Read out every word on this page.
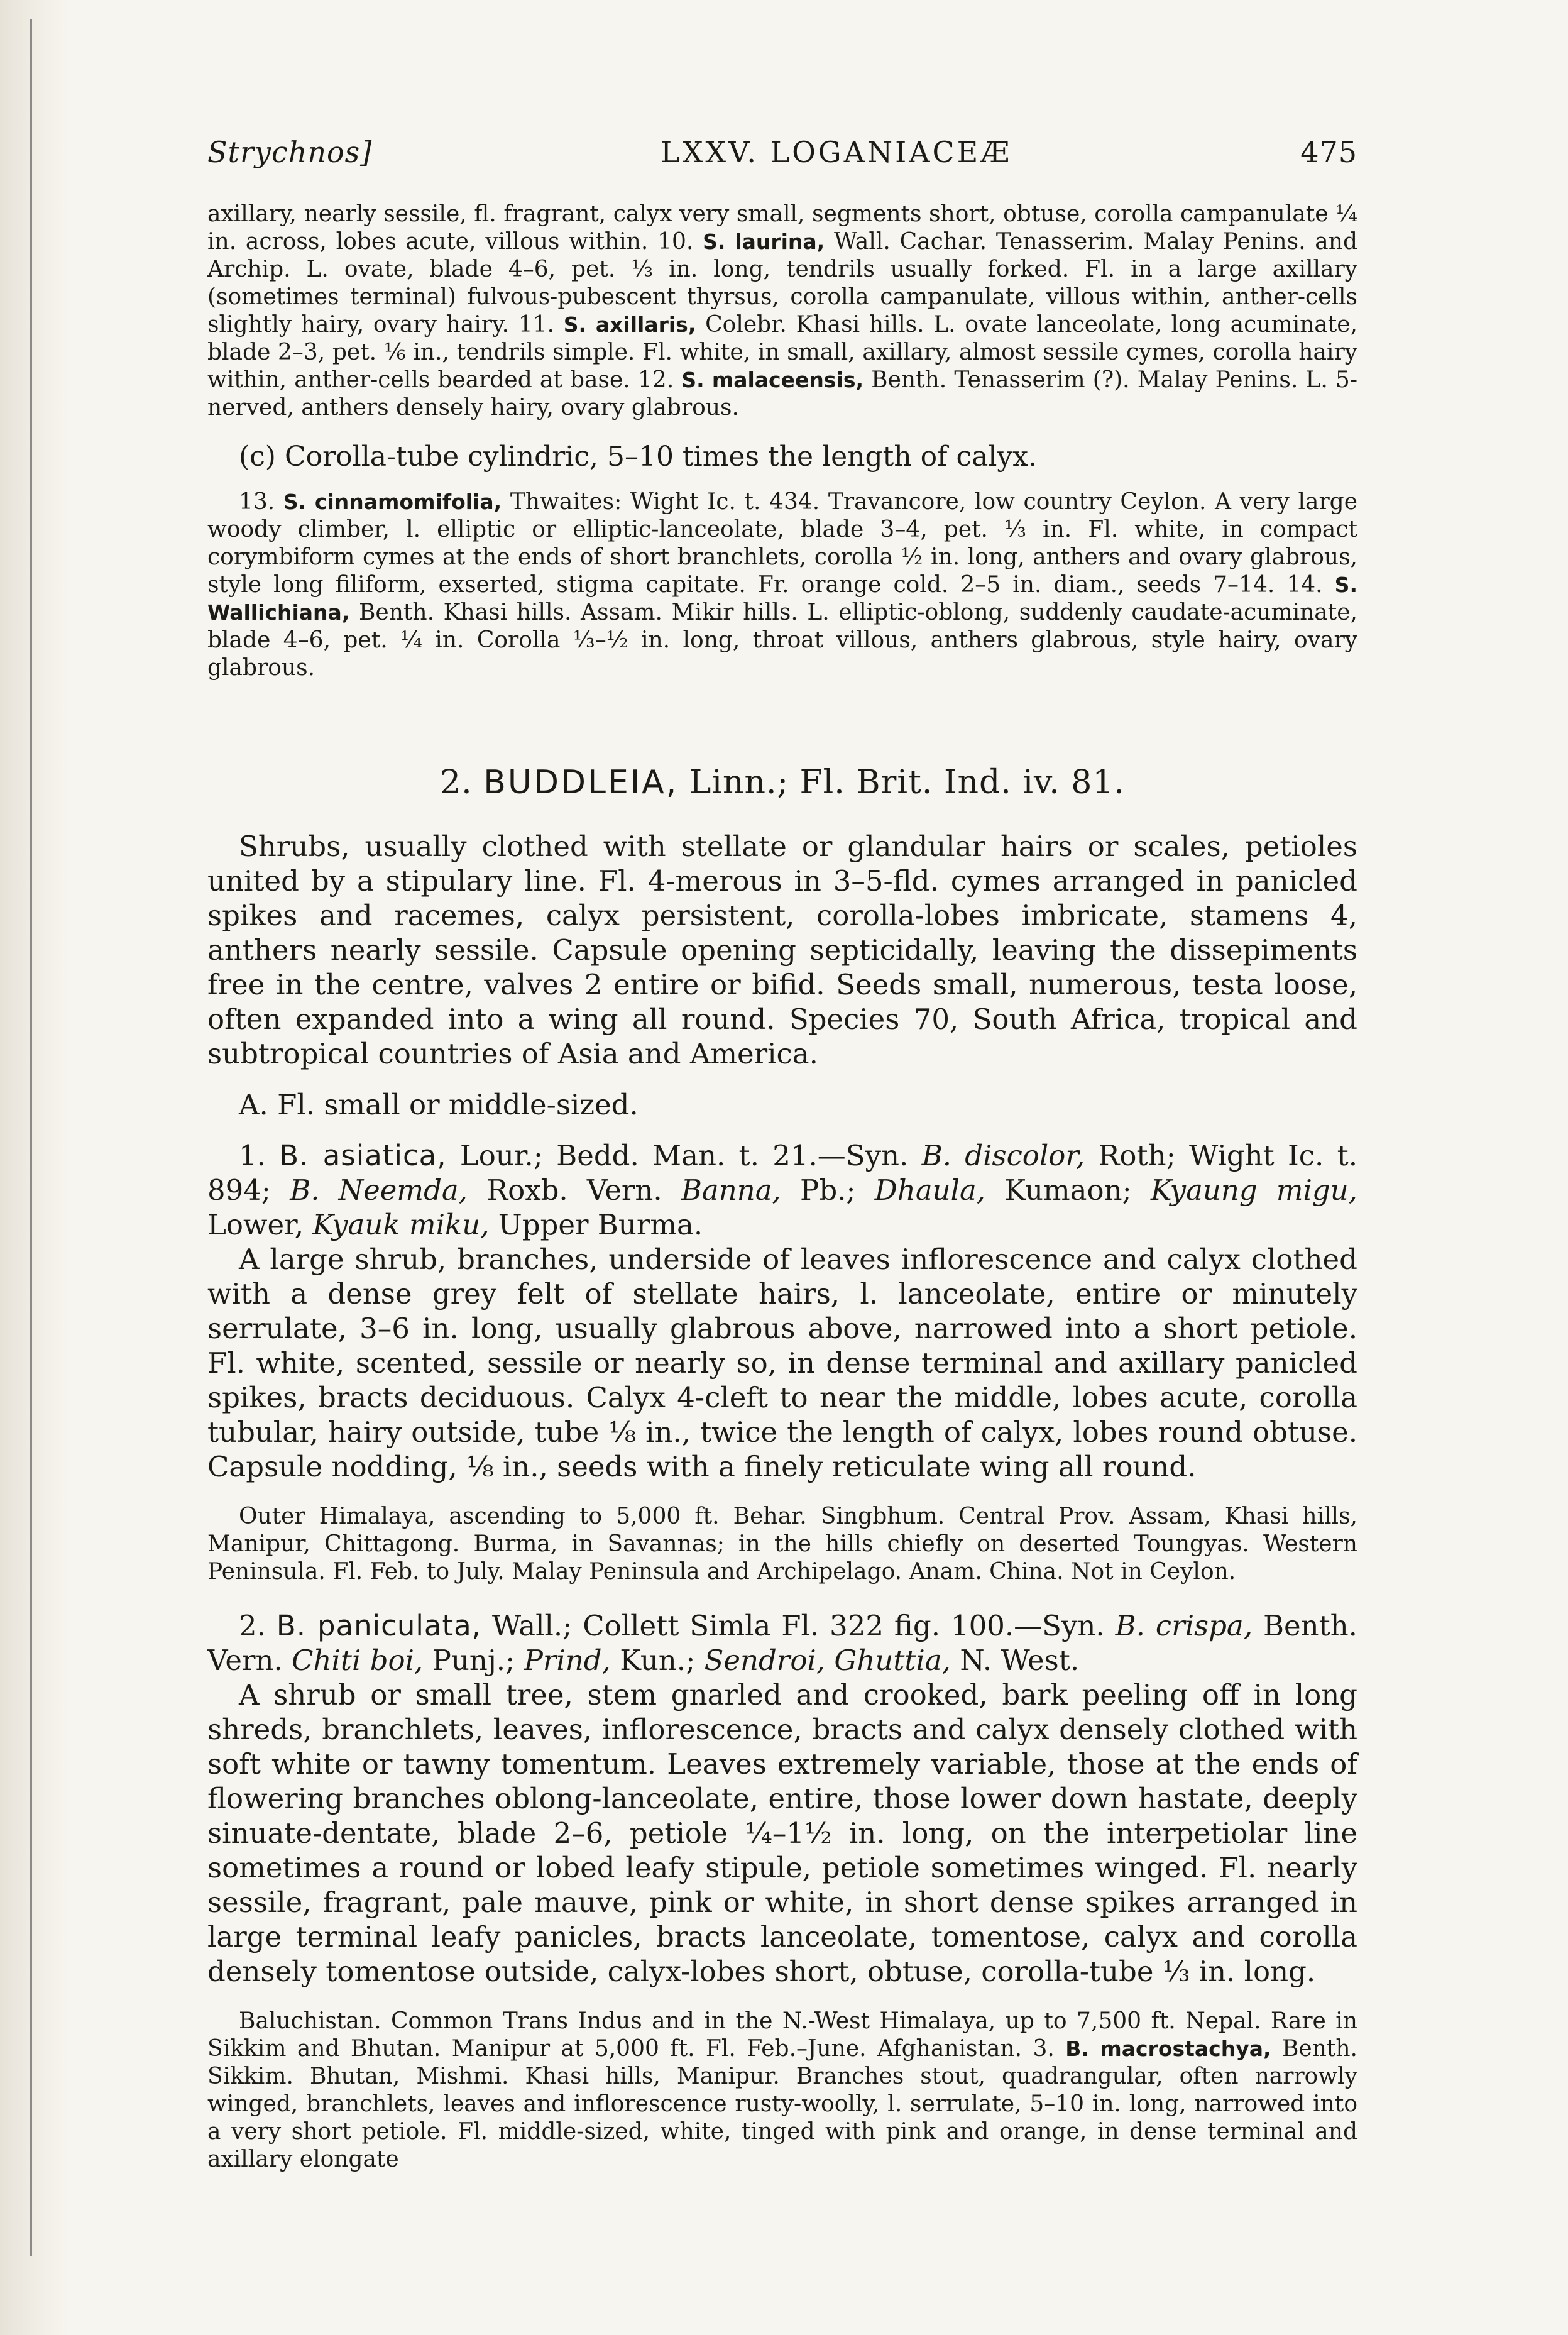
Strychnos]	LXXV. LOGANIACEÆ	475

axillary, nearly sessile, fl. fragrant, calyx very small, segments short, obtuse, corolla campanulate ¼ in. across, lobes acute, villous within. 10. S. laurina, Wall. Cachar. Tenasserim. Malay Penins. and Archip. L. ovate, blade 4–6, pet. ⅓ in. long, tendrils usually forked. Fl. in a large axillary (sometimes terminal) fulvous-pubescent thyrsus, corolla campanulate, villous within, anther-cells slightly hairy, ovary hairy. 11. S. axillaris, Colebr. Khasi hills. L. ovate lanceolate, long acuminate, blade 2–3, pet. ⅙ in., tendrils simple. Fl. white, in small, axillary, almost sessile cymes, corolla hairy within, anther-cells bearded at base. 12. S. malaceensis, Benth. Tenasserim (?). Malay Penins. L. 5-nerved, anthers densely hairy, ovary glabrous.

(c) Corolla-tube cylindric, 5–10 times the length of calyx.

13. S. cinnamomifolia, Thwaites: Wight Ic. t. 434. Travancore, low country Ceylon. A very large woody climber, l. elliptic or elliptic-lanceolate, blade 3–4, pet. ⅓ in. Fl. white, in compact corymbiform cymes at the ends of short branchlets, corolla ½ in. long, anthers and ovary glabrous, style long filiform, exserted, stigma capitate. Fr. orange cold. 2–5 in. diam., seeds 7–14. 14. S. Wallichiana, Benth. Khasi hills. Assam. Mikir hills. L. elliptic-oblong, suddenly caudate-acuminate, blade 4–6, pet. ¼ in. Corolla ⅓–½ in. long, throat villous, anthers glabrous, style hairy, ovary glabrous.

2. BUDDLEIA, Linn.; Fl. Brit. Ind. iv. 81.

Shrubs, usually clothed with stellate or glandular hairs or scales, petioles united by a stipulary line. Fl. 4-merous in 3–5-fld. cymes arranged in panicled spikes and racemes, calyx persistent, corolla-lobes imbricate, stamens 4, anthers nearly sessile. Capsule opening septicidally, leaving the dissepiments free in the centre, valves 2 entire or bifid. Seeds small, numerous, testa loose, often expanded into a wing all round. Species 70, South Africa, tropical and subtropical countries of Asia and America.

A. Fl. small or middle-sized.

1. B. asiatica, Lour.; Bedd. Man. t. 21.—Syn. B. discolor, Roth; Wight Ic. t. 894; B. Neemda, Roxb. Vern. Banna, Pb.; Dhaula, Kumaon; Kyaung migu, Lower, Kyauk miku, Upper Burma.

A large shrub, branches, underside of leaves inflorescence and calyx clothed with a dense grey felt of stellate hairs, l. lanceolate, entire or minutely serrulate, 3–6 in. long, usually glabrous above, narrowed into a short petiole. Fl. white, scented, sessile or nearly so, in dense terminal and axillary panicled spikes, bracts deciduous. Calyx 4-cleft to near the middle, lobes acute, corolla tubular, hairy outside, tube ⅛ in., twice the length of calyx, lobes round obtuse. Capsule nodding, ⅛ in., seeds with a finely reticulate wing all round.

Outer Himalaya, ascending to 5,000 ft. Behar. Singbhum. Central Prov. Assam, Khasi hills, Manipur, Chittagong. Burma, in Savannas; in the hills chiefly on deserted Toungyas. Western Peninsula. Fl. Feb. to July. Malay Peninsula and Archipelago. Anam. China. Not in Ceylon.

2. B. paniculata, Wall.; Collett Simla Fl. 322 fig. 100.—Syn. B. crispa, Benth. Vern. Chiti boi, Punj.; Prind, Kun.; Sendroi, Ghuttia, N. West.

A shrub or small tree, stem gnarled and crooked, bark peeling off in long shreds, branchlets, leaves, inflorescence, bracts and calyx densely clothed with soft white or tawny tomentum. Leaves extremely variable, those at the ends of flowering branches oblong-lanceolate, entire, those lower down hastate, deeply sinuate-dentate, blade 2–6, petiole ¼–1½ in. long, on the interpetiolar line sometimes a round or lobed leafy stipule, petiole sometimes winged. Fl. nearly sessile, fragrant, pale mauve, pink or white, in short dense spikes arranged in large terminal leafy panicles, bracts lanceolate, tomentose, calyx and corolla densely tomentose outside, calyx-lobes short, obtuse, corolla-tube ⅓ in. long.

Baluchistan. Common Trans Indus and in the N.-West Himalaya, up to 7,500 ft. Nepal. Rare in Sikkim and Bhutan. Manipur at 5,000 ft. Fl. Feb.–June. Afghanistan. 3. B. macrostachya, Benth. Sikkim. Bhutan, Mishmi. Khasi hills, Manipur. Branches stout, quadrangular, often narrowly winged, branchlets, leaves and inflorescence rusty-woolly, l. serrulate, 5–10 in. long, narrowed into a very short petiole. Fl. middle-sized, white, tinged with pink and orange, in dense terminal and axillary elongate
